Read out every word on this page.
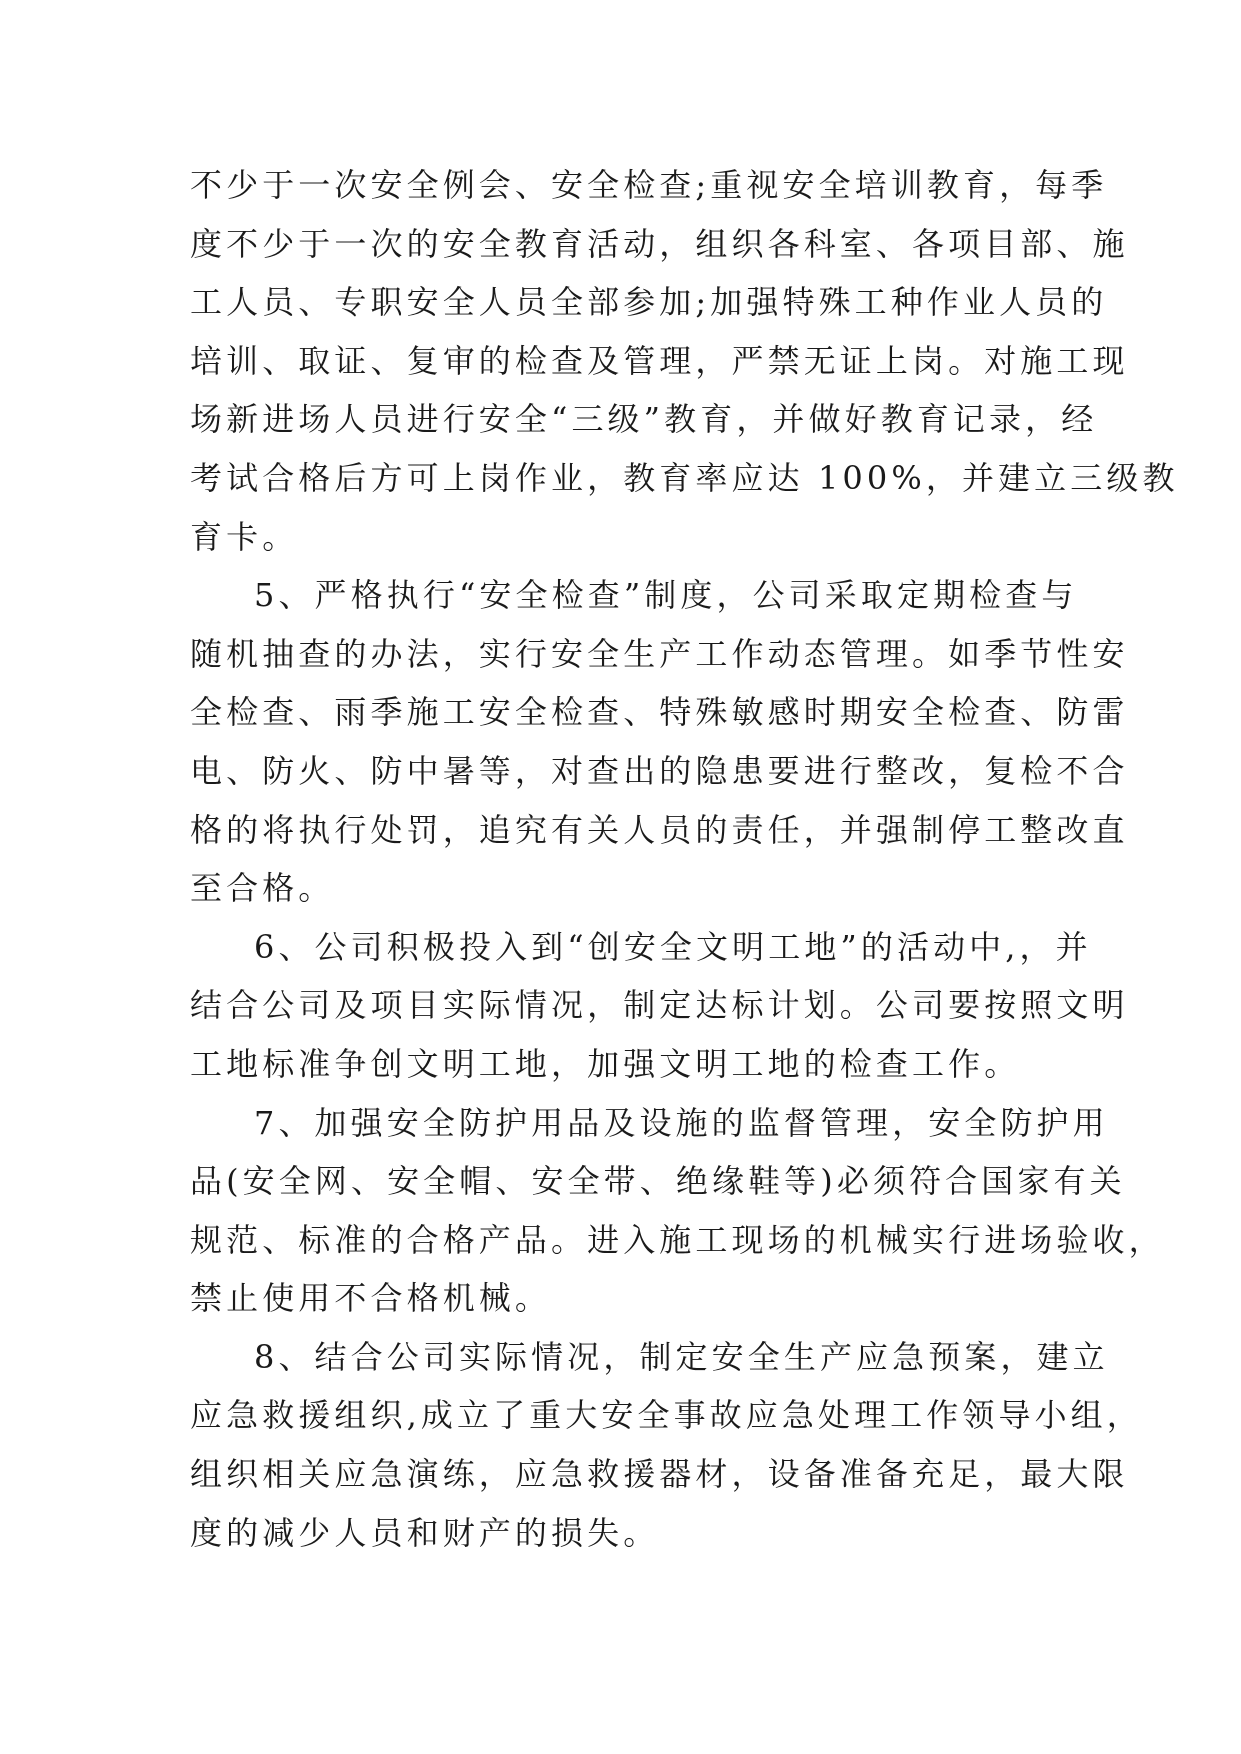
不少于一次安全例会、安全检查;重视安全培训教育，每季
度不少于一次的安全教育活动，组织各科室、各项目部、施
工人员、专职安全人员全部参加;加强特殊工种作业人员的
培训、取证、复审的检查及管理，严禁无证上岗。对施工现
场新进场人员进行安全“三级”教育，并做好教育记录，经
考试合格后方可上岗作业，教育率应达 100%，并建立三级教
育卡。
5、严格执行“安全检查”制度，公司采取定期检查与
随机抽查的办法，实行安全生产工作动态管理。如季节性安
全检查、雨季施工安全检查、特殊敏感时期安全检查、防雷
电、防火、防中暑等，对查出的隐患要进行整改，复检不合
格的将执行处罚，追究有关人员的责任，并强制停工整改直
至合格。
6、公司积极投入到“创安全文明工地”的活动中,，并
结合公司及项目实际情况，制定达标计划。公司要按照文明
工地标准争创文明工地，加强文明工地的检查工作。
7、加强安全防护用品及设施的监督管理，安全防护用
品(安全网、安全帽、安全带、绝缘鞋等)必须符合国家有关
规范、标准的合格产品。进入施工现场的机械实行进场验收，
禁止使用不合格机械。
8、结合公司实际情况，制定安全生产应急预案，建立
应急救援组织,成立了重大安全事故应急处理工作领导小组，
组织相关应急演练，应急救援器材，设备准备充足，最大限
度的减少人员和财产的损失。
